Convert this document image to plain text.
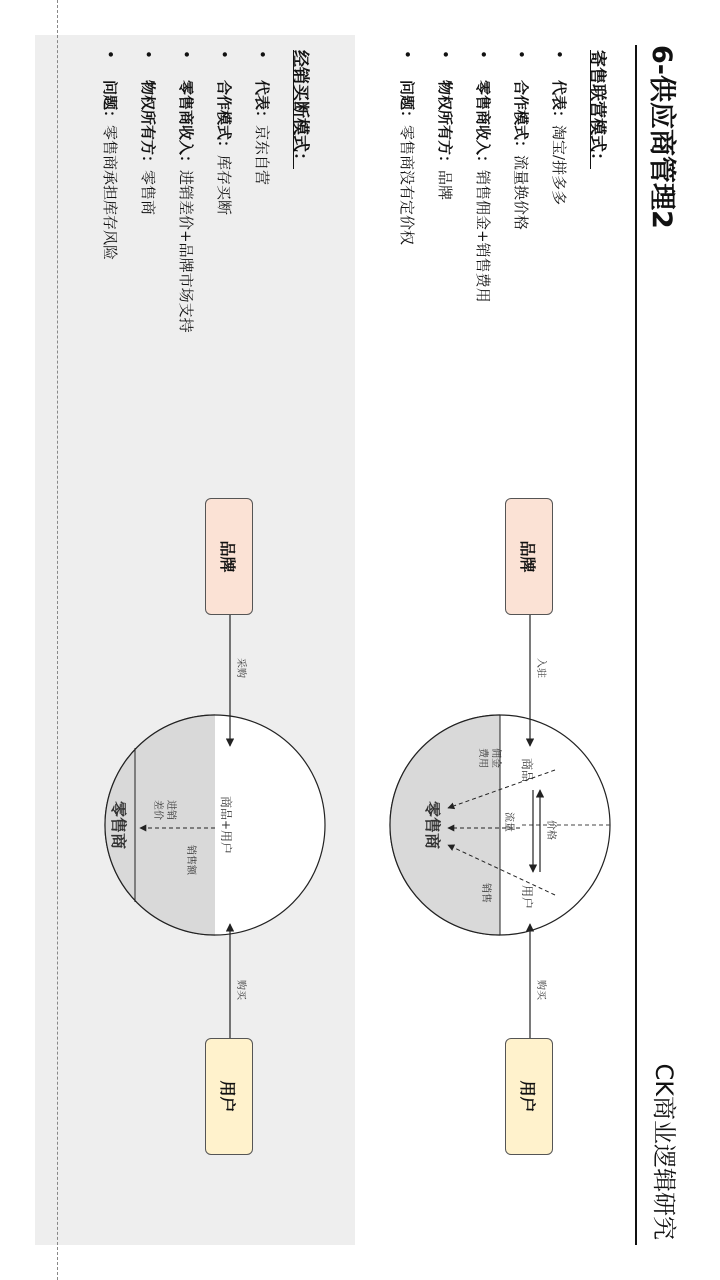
6-供应商管理2
CK商业逻辑研究
寄售联营模式：
• 代表：淘宝/拼多多
• 合作模式：流量换价格
• 零售商收入：销售佣金+销售费用
• 物权所有方：品牌
• 问题：零售商没有定价权
经销买断模式：
• 代表：京东自营
• 合作模式：库存买断
• 零售商收入：进销差价+品牌市场支持
• 物权所有方：零售商
• 问题：零售商承担库存风险
入驻
购买
商品
用户
价格
流量
佣金
费用
销售
零售商
采购
购买
商品+用户
进销
差价
销售额
零售商
品牌
用户
品牌
用户
